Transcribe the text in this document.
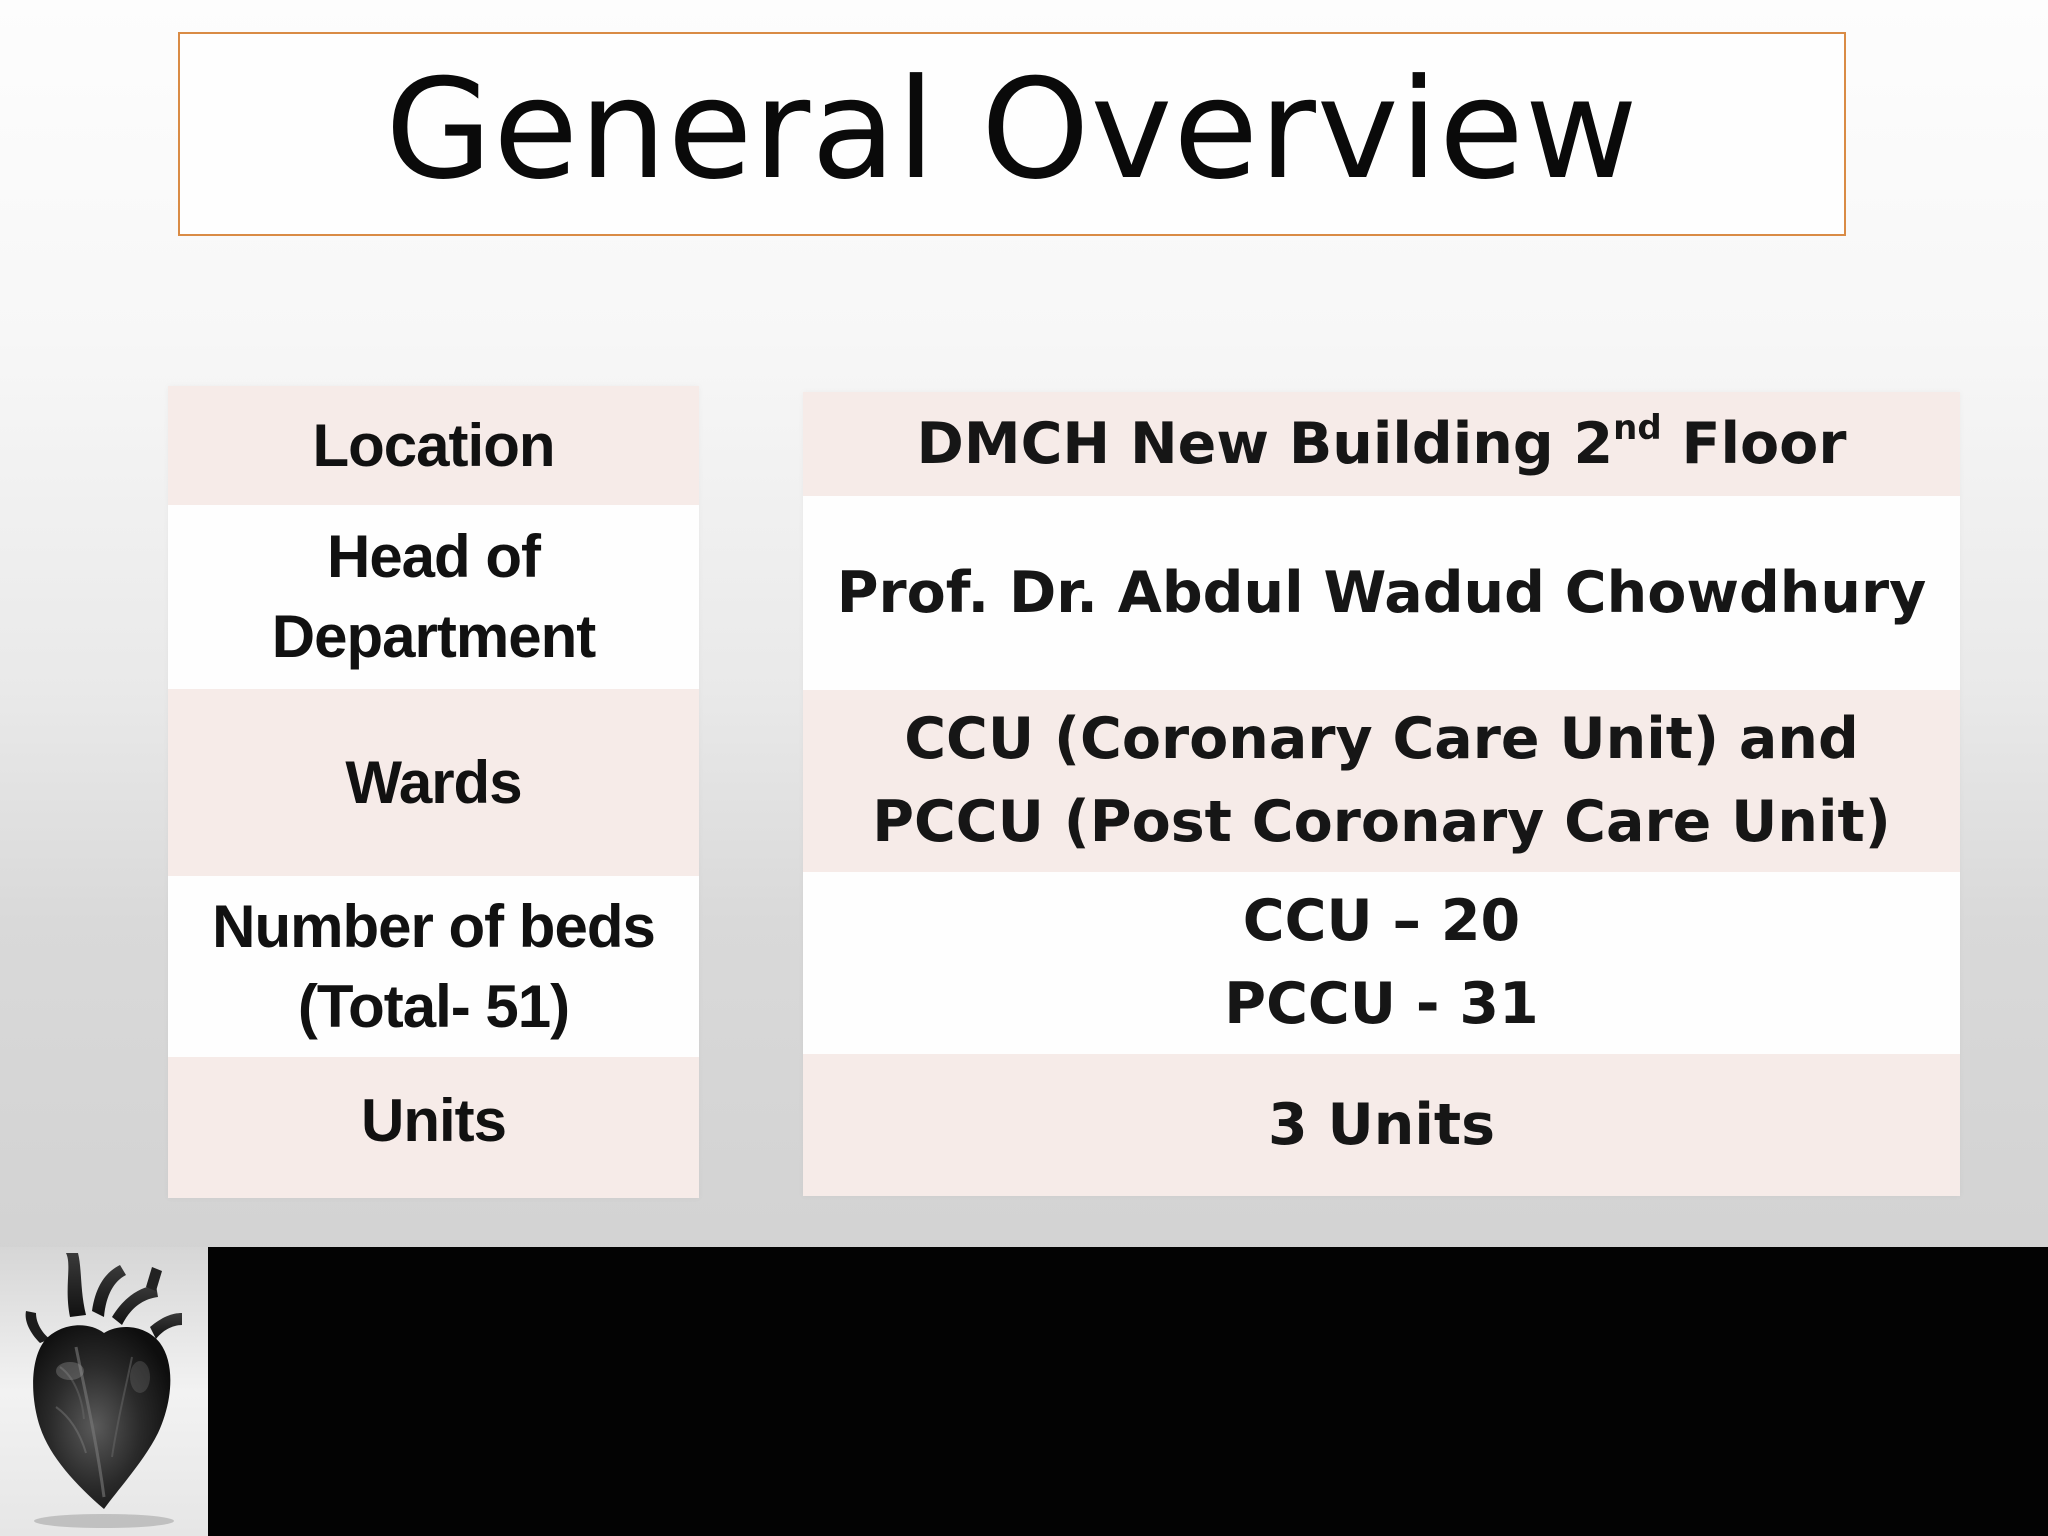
General Overview
Location
Head of
Department
Wards
Number of beds
(Total- 51)
Units
DMCH New Building 2nd Floor
Prof. Dr. Abdul Wadud Chowdhury
CCU (Coronary Care Unit) and
PCCU (Post Coronary Care Unit)
CCU – 20
PCCU - 31
3 Units
